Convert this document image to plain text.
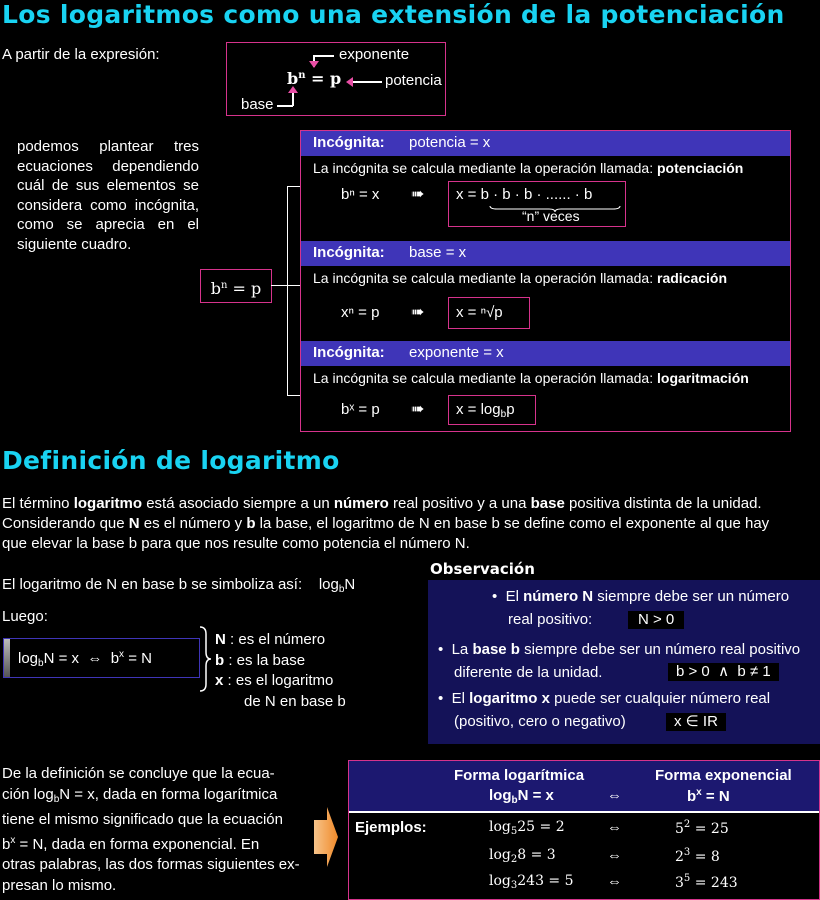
Los logaritmos como una extensión de la potenciación
A partir de la expresión:	exponente
potencia
base
$b^n = p$
podemos plantear tres ecuaciones dependiendo cuál de sus elementos se considera como incógnita, como se aprecia en el siguiente cuadro.
$b^n = p$
Incógnita: potencia = x
La incógnita se calcula mediante la operación llamada: potenciación
bⁿ = x ➠ x = b · b · b · ...... · b
“n” veces
Incógnita: base = x
La incógnita se calcula mediante la operación llamada: radicación
xⁿ = p ➠ x = ⁿ√p
Incógnita: exponente = x
La incógnita se calcula mediante la operación llamada: logaritmación
bˣ = p ➠ $x = \log_bp$
Definición de logaritmo
El término logaritmo está asociado siempre a un número real positivo y a una base positiva distinta de la unidad.
Considerando que N es el número y b la base, el logaritmo de N en base b se define como el exponente al que hay
que elevar la base b para que nos resulte como potencia el número N.
El logaritmo de N en base b se simboliza así: $\log_bN$
Luego:
$\log_bN = x$  ⇔  $b^x = N$
N : es el número
b : es la base
x : es el logaritmo
de N en base b
Observación
•  El número N siempre debe ser un número
real positivo:	N > 0
•  La base b siempre debe ser un número real positivo
diferente de la unidad.	b > 0  ∧  b ≠ 1
•  El logaritmo x puede ser cualquier número real
(positivo, cero o negativo)	x ∈ IR
De la definición se concluye que la ecua-
ción $\log_bN = x$, dada en forma logarítmica
tiene el mismo significado que la ecuación
$b^x = N$, dada en forma exponencial. En
otras palabras, las dos formas siguientes ex-
presan lo mismo.
Forma logarítmica
$\log_bN = x$	⇔
Forma exponencial
$b^x = N$
Ejemplos:	$\log_525 = 2$	⇔	$5^2 = 25$
$\log_28 = 3$	⇔	$2^3 = 8$
$\log_3243 = 5$ ⇔	$3^5 = 243$
